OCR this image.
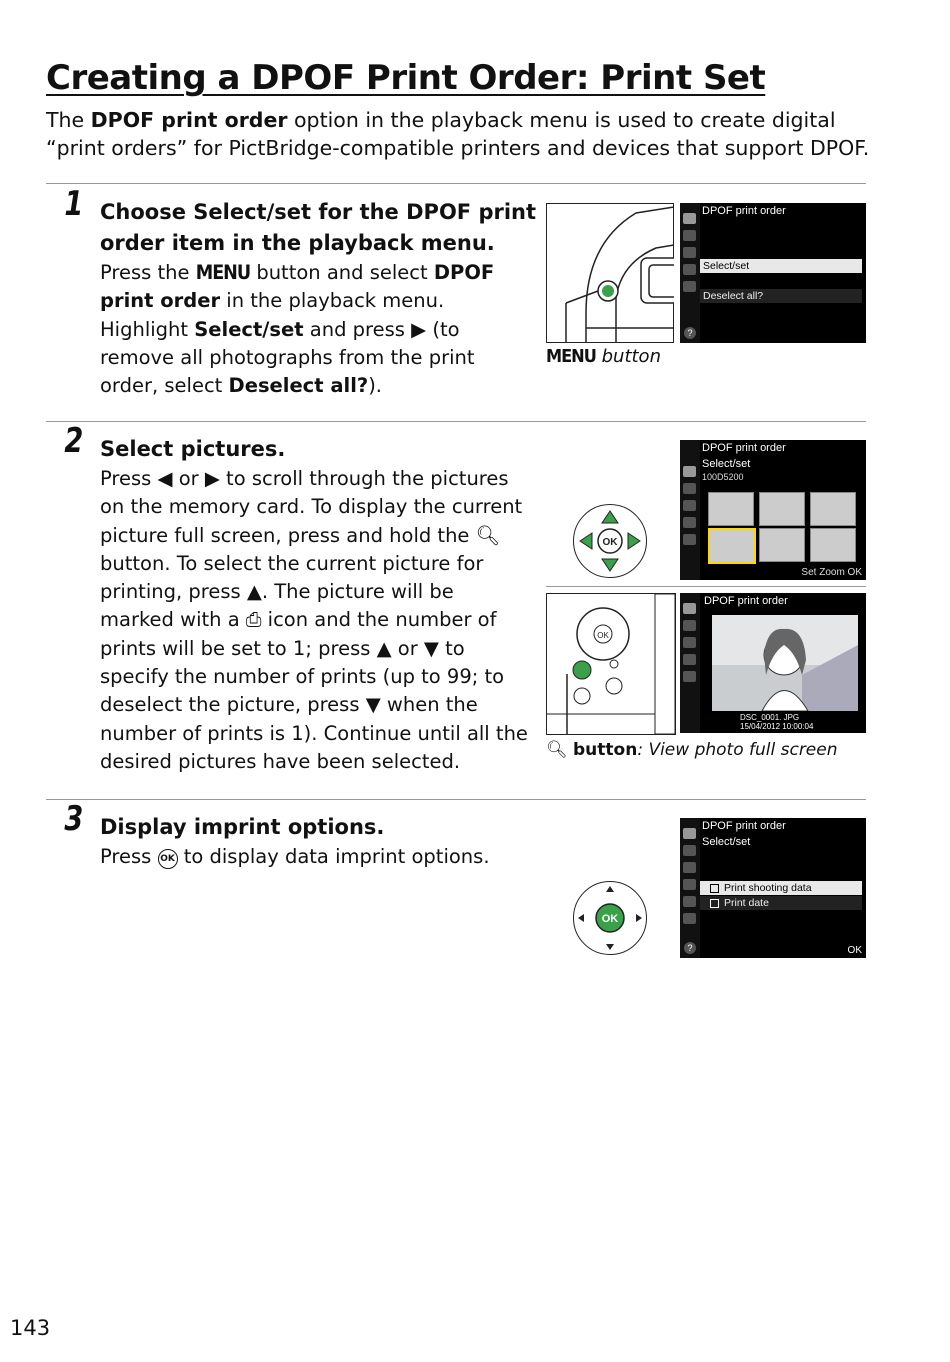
Creating a DPOF Print Order: Print Set

The DPOF print order option in the playback menu is used to create digital “print orders” for PictBridge-compatible printers and devices that support DPOF.

1 Choose Select/set for the DPOF print order item in the playback menu.

Press the MENU button and select DPOF print order in the playback menu. Highlight Select/set and press ▶ (to remove all photographs from the print order, select Deselect all?).

MENU button
DPOF print order
Select/set
Deselect all?
?
2 Select pictures.

Press ◀ or ▶ to scroll through the pictures on the memory card. To display the current picture full screen, press and hold the 🔍︎ button. To select the current picture for printing, press ▲. The picture will be marked with a ⎙ icon and the number of prints will be set to 1; press ▲ or ▼ to specify the number of prints (up to 99; to deselect the picture, press ▼ when the number of prints is 1). Continue until all the desired pictures have been selected.

OK
DPOF print order
Select/set
100D5200
Set Zoom OK
OK
DPOF print order
DSC_0001. JPG
15/04/2012 10:00:04
🔍︎ button: View photo full screen
3 Display imprint options.

Press OK to display data imprint options.

OK
DPOF print order
Select/set
Print shooting data
Print date
?	OK
143
